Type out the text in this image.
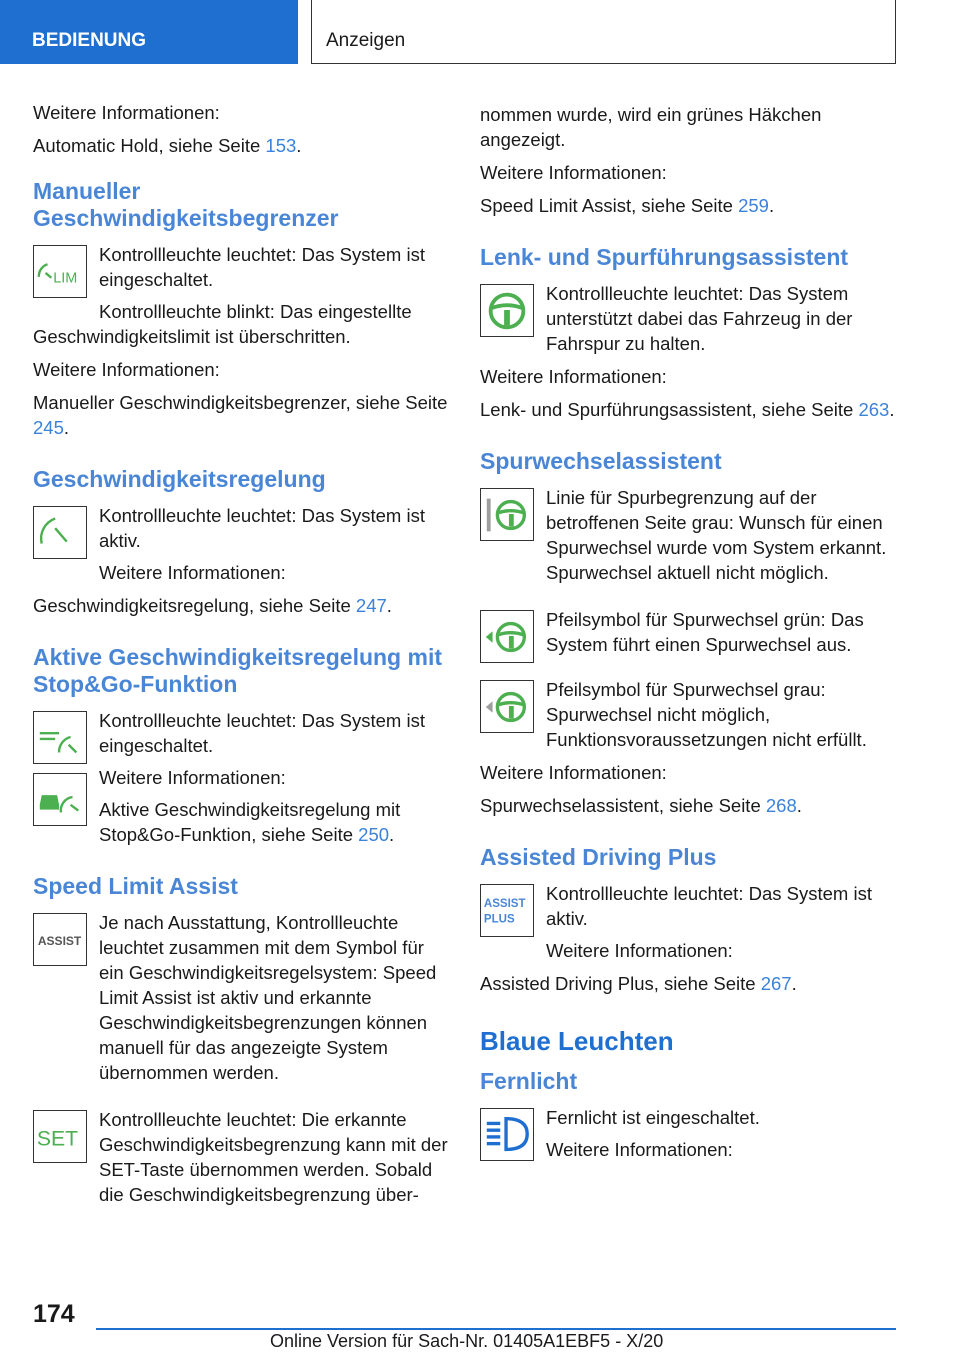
BEDIENUNG	Anzeigen

Weitere Informationen:

Automatic Hold, siehe Seite 153.

Manueller Geschwindigkeitsbegrenzer
LIM

Kontrollleuchte leuchtet: Das System ist eingeschaltet.

Kontrollleuchte blinkt: Das eingestellte Geschwindigkeitslimit ist überschritten.

Weitere Informationen:

Manueller Geschwindigkeitsbegrenzer, siehe Seite 245.

Geschwindigkeitsregelung

Kontrollleuchte leuchtet: Das System ist aktiv.

Weitere Informationen:

Geschwindigkeitsregelung, siehe Seite 247.

Aktive Geschwindigkeitsregelung mit Stop&Go-Funktion

Kontrollleuchte leuchtet: Das System ist eingeschaltet.

Weitere Informationen:

Aktive Geschwindigkeitsregelung mit Stop&Go-Funktion, siehe Seite 250.

Speed Limit Assist
ASSIST

Je nach Ausstattung, Kontrollleuchte leuchtet zusammen mit dem Symbol für ein Geschwindigkeitsregelsystem: Speed Limit Assist ist aktiv und erkannte Geschwindigkeitsbegrenzungen können manuell für das angezeigte System übernommen werden.

SET

Kontrollleuchte leuchtet: Die erkannte Geschwindigkeitsbegrenzung kann mit der SET-Taste übernommen werden. Sobald die Geschwindigkeitsbegrenzung über-

nommen wurde, wird ein grünes Häkchen angezeigt.

Weitere Informationen:

Speed Limit Assist, siehe Seite 259.

Lenk- und Spurführungsassistent

Kontrollleuchte leuchtet: Das System unterstützt dabei das Fahrzeug in der Fahrspur zu halten.

Weitere Informationen:

Lenk- und Spurführungsassistent, siehe Seite 263.

Spurwechselassistent

Linie für Spurbegrenzung auf der betroffenen Seite grau: Wunsch für einen Spurwechsel wurde vom System erkannt. Spurwechsel aktuell nicht möglich.

Pfeilsymbol für Spurwechsel grün: Das System führt einen Spurwechsel aus.

Pfeilsymbol für Spurwechsel grau: Spurwechsel nicht möglich, Funktionsvoraussetzungen nicht erfüllt.

Weitere Informationen:

Spurwechselassistent, siehe Seite 268.

Assisted Driving Plus
ASSIST
PLUS

Kontrollleuchte leuchtet: Das System ist aktiv.

Weitere Informationen:

Assisted Driving Plus, siehe Seite 267.

Blaue Leuchten
Fernlicht

Fernlicht ist eingeschaltet.

Weitere Informationen:

174
Online Version für Sach-Nr. 01405A1EBF5 - X/20
